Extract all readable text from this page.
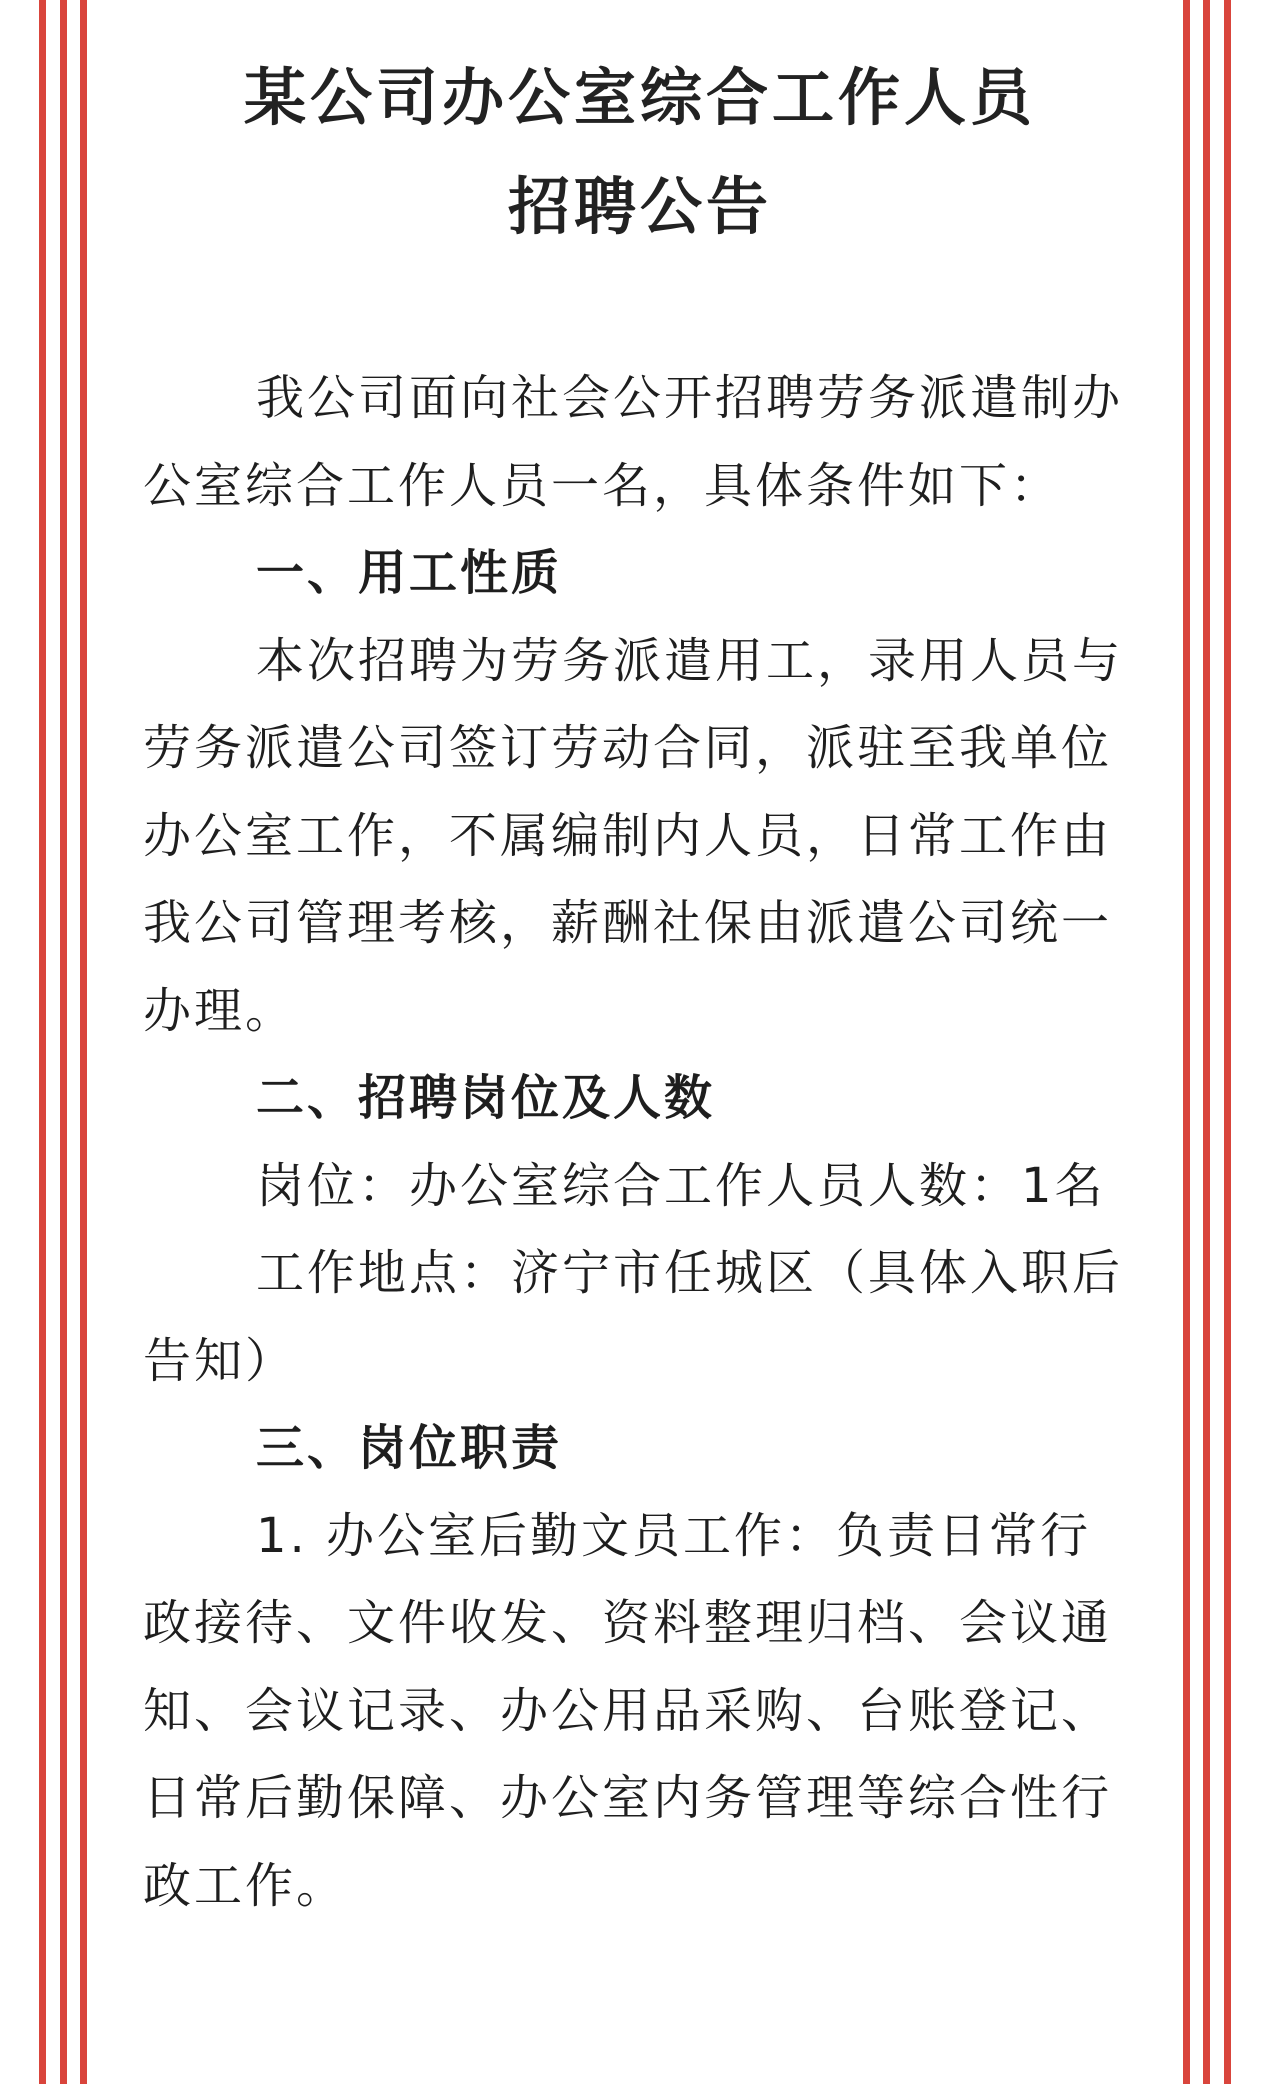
某公司办公室综合工作人员
招聘公告

我公司面向社会公开招聘劳务派遣制办公室综合工作人员一名，具体条件如下：

一、用工性质

本次招聘为劳务派遣用工，录用人员与劳务派遣公司签订劳动合同，派驻至我单位办公室工作，不属编制内人员，日常工作由我公司管理考核，薪酬社保由派遣公司统一办理。

二、招聘岗位及人数

岗位：办公室综合工作人员人数：1名

工作地点：济宁市任城区（具体入职后告知）

三、岗位职责

1. 办公室后勤文员工作：负责日常行政接待、文件收发、资料整理归档、会议通知、会议记录、办公用品采购、台账登记、日常后勤保障、办公室内务管理等综合性行政工作。
